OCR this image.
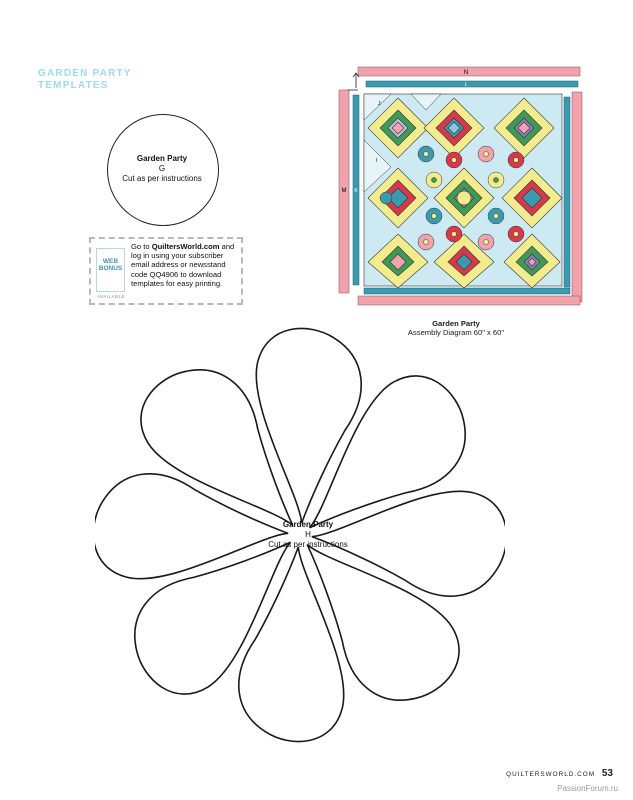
GARDEN PARTY
TEMPLATES
Garden Party
G
Cut as per instructions
WEB
BONUS
AVAILABLE
Go to QuiltersWorld.com and log in using your subscriber email address or newsstand code QQ4906 to download templates for easy printing.
N
L
M K
J
I
Garden Party
Assembly Diagram 60" x 60"
Garden Party
H
Cut as per instructions
QUILTERSWORLD.COM 53
PassionForum.ru
